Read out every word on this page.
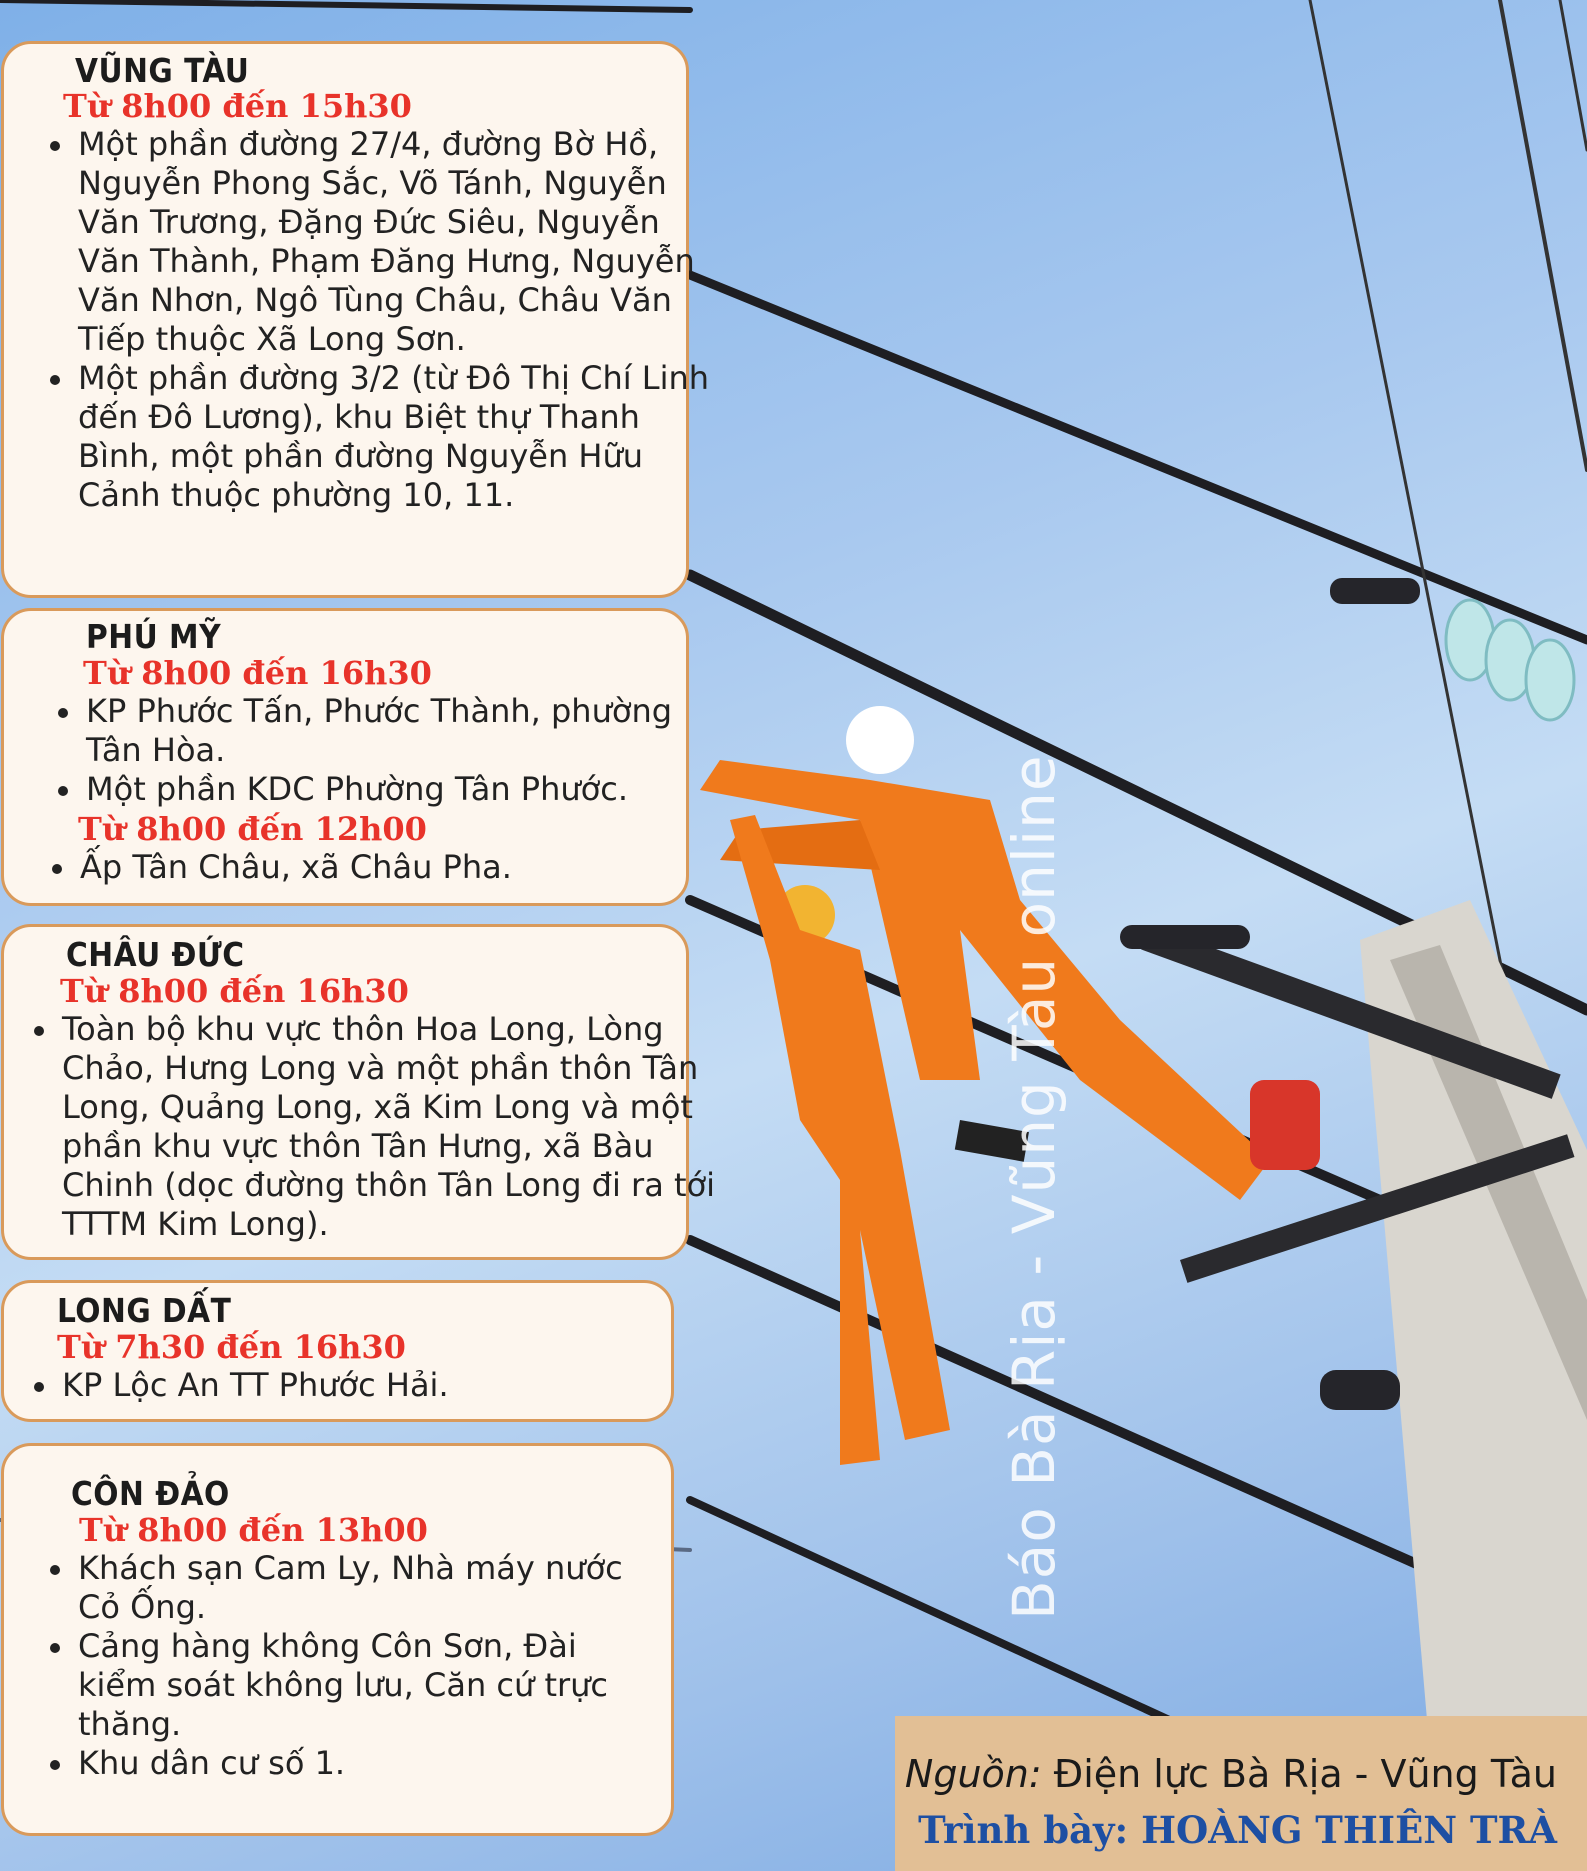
VŨNG TÀU
Từ 8h00 đến 15h30
Một phần đường 27/4, đường Bờ Hồ, Nguyễn Phong Sắc, Võ Tánh, Nguyễn Văn Trương, Đặng Đức Siêu, Nguyễn Văn Thành, Phạm Đăng Hưng, Nguyễn Văn Nhơn, Ngô Tùng Châu, Châu Văn Tiếp thuộc Xã Long Sơn.
Một phần đường 3/2 (từ Đô Thị Chí Linh đến Đô Lương), khu Biệt thự Thanh Bình, một phần đường Nguyễn Hữu Cảnh thuộc phường 10, 11.
PHÚ MỸ
Từ 8h00 đến 16h30
KP Phước Tấn, Phước Thành, phường Tân Hòa.
Một phần KDC Phường Tân Phước.
Từ 8h00 đến 12h00
Ấp Tân Châu, xã Châu Pha.
CHÂU ĐỨC
Từ 8h00 đến 16h30
Toàn bộ khu vực thôn Hoa Long, Lòng Chảo, Hưng Long và một phần thôn Tân Long, Quảng Long, xã Kim Long và một phần khu vực thôn Tân Hưng, xã Bàu Chinh (dọc đường thôn Tân Long đi ra tới TTTM Kim Long).
LONG DẤT
Từ 7h30 đến 16h30
KP Lộc An TT Phước Hải.
CÔN ĐẢO
Từ 8h00 đến 13h00
Khách sạn Cam Ly, Nhà máy nước Cỏ Ống.
Cảng hàng không Côn Sơn, Đài kiểm soát không lưu, Căn cứ trực thăng.
Khu dân cư số 1.
Báo Bà Rịa - Vũng Tàu online
Nguồn: Điện lực Bà Rịa - Vũng Tàu
Trình bày: HOÀNG THIÊN TRÀ
